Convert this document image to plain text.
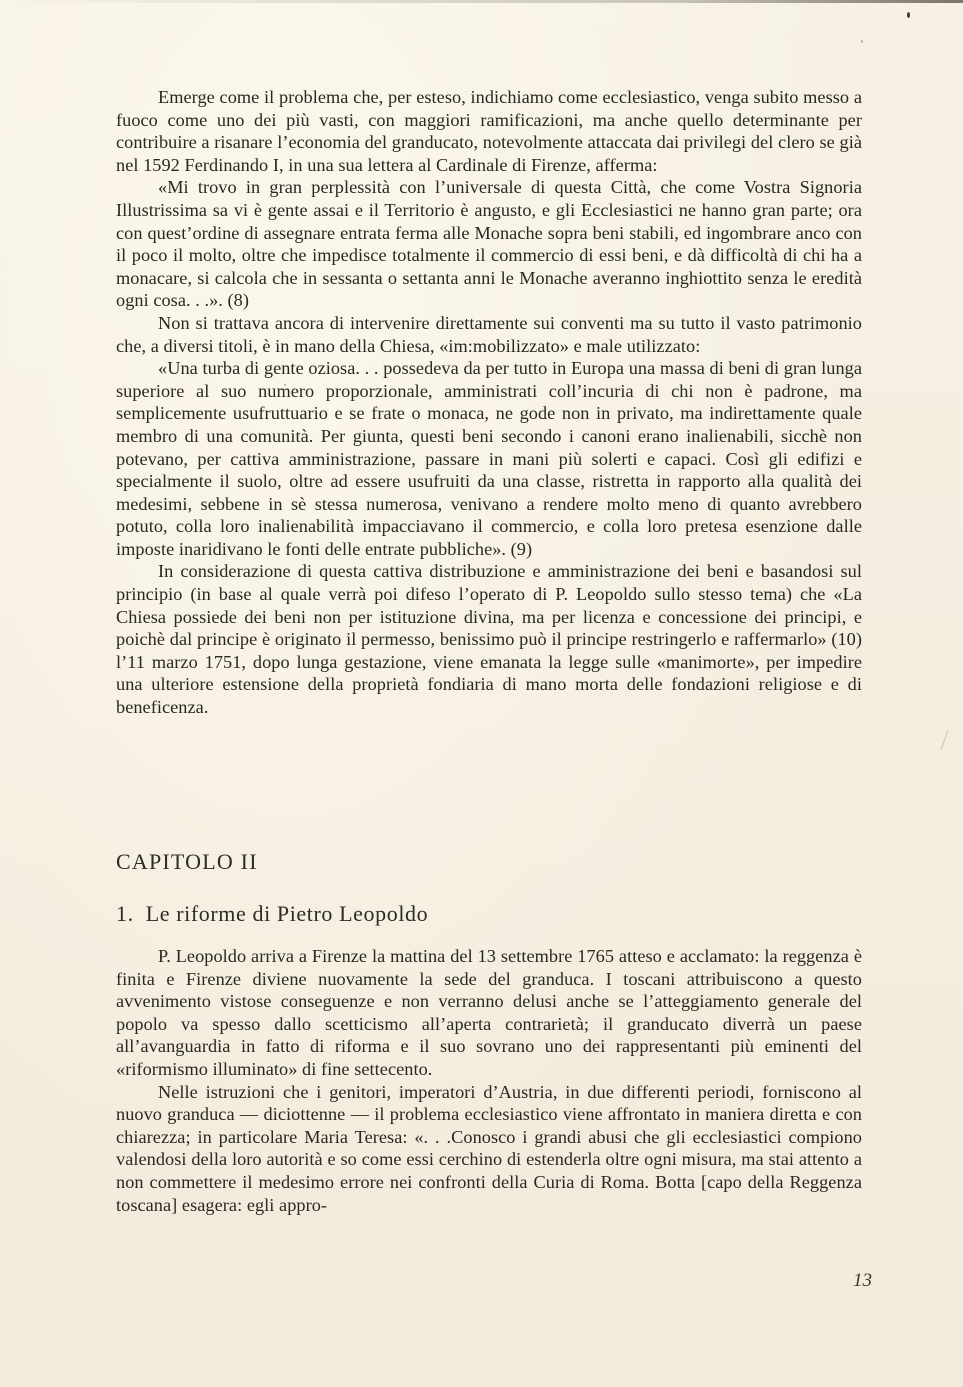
Emerge come il problema che, per esteso, indichiamo come ecclesiastico, venga subito messo a fuoco come uno dei più vasti, con maggiori ramificazioni, ma anche quello determinante per contribuire a risanare l’economia del granducato, notevolmente attaccata dai privilegi del clero se già nel 1592 Ferdinando I, in una sua lettera al Cardinale di Firenze, afferma:

«Mi trovo in gran perplessità con l’universale di questa Città, che come Vostra Signoria Illustrissima sa vi è gente assai e il Territorio è angusto, e gli Ecclesiastici ne hanno gran parte; ora con quest’ordine di assegnare entrata ferma alle Monache sopra beni stabili, ed ingombrare anco con il poco il molto, oltre che impedisce totalmente il commercio di essi beni, e dà difficoltà di chi ha a monacare, si calcola che in sessanta o settanta anni le Monache averanno inghiottito senza le eredità ogni cosa. . .». (8)

Non si trattava ancora di intervenire direttamente sui conventi ma su tutto il vasto patrimonio che, a diversi titoli, è in mano della Chiesa, «im:mobilizzato» e male utilizzato:

«Una turba di gente oziosa. . . possedeva da per tutto in Europa una massa di beni di gran lunga superiore al suo numero proporzionale, amministrati coll’incuria di chi non è padrone, ma semplicemente usufruttuario e se frate o monaca, ne gode non in privato, ma indirettamente quale membro di una comunità. Per giunta, questi beni secondo i canoni erano inalienabili, sicchè non potevano, per cattiva amministrazione, passare in mani più solerti e capaci. Così gli edifizi e specialmente il suolo, oltre ad essere usufruiti da una classe, ristretta in rapporto alla qualità dei medesimi, sebbene in sè stessa numerosa, venivano a rendere molto meno di quanto avrebbero potuto, colla loro inalienabilità impacciavano il commercio, e colla loro pretesa esenzione dalle imposte inaridivano le fonti delle entrate pubbliche». (9)

In considerazione di questa cattiva distribuzione e amministrazione dei beni e basandosi sul principio (in base al quale verrà poi difeso l’operato di P. Leopoldo sullo stesso tema) che «La Chiesa possiede dei beni non per istituzione divina, ma per licenza e concessione dei principi, e poichè dal principe è originato il permesso, benissimo può il principe restringerlo e raffermarlo» (10) l’11 marzo 1751, dopo lunga gestazione, viene emanata la legge sulle «manimorte», per impedire una ulteriore estensione della proprietà fondiaria di mano morta delle fondazioni religiose e di beneficenza.

CAPITOLO II
1. Le riforme di Pietro Leopoldo

P. Leopoldo arriva a Firenze la mattina del 13 settembre 1765 atteso e acclamato: la reggenza è finita e Firenze diviene nuovamente la sede del granduca. I toscani attribuiscono a questo avvenimento vistose conseguenze e non verranno delusi anche se l’atteggiamento generale del popolo va spesso dallo scetticismo all’aperta contrarietà; il granducato diverrà un paese all’avanguardia in fatto di riforma e il suo sovrano uno dei rappresentanti più eminenti del «riformismo illuminato» di fine settecento.

Nelle istruzioni che i genitori, imperatori d’Austria, in due differenti periodi, forniscono al nuovo granduca — diciottenne — il problema ecclesiastico viene affrontato in maniera diretta e con chiarezza; in particolare Maria Teresa: «. . .Conosco i grandi abusi che gli ecclesiastici compiono valendosi della loro autorità e so come essi cerchino di estenderla oltre ogni misura, ma stai attento a non commettere il medesimo errore nei confronti della Curia di Roma. Botta [capo della Reggenza toscana] esagera: egli appro-

13
